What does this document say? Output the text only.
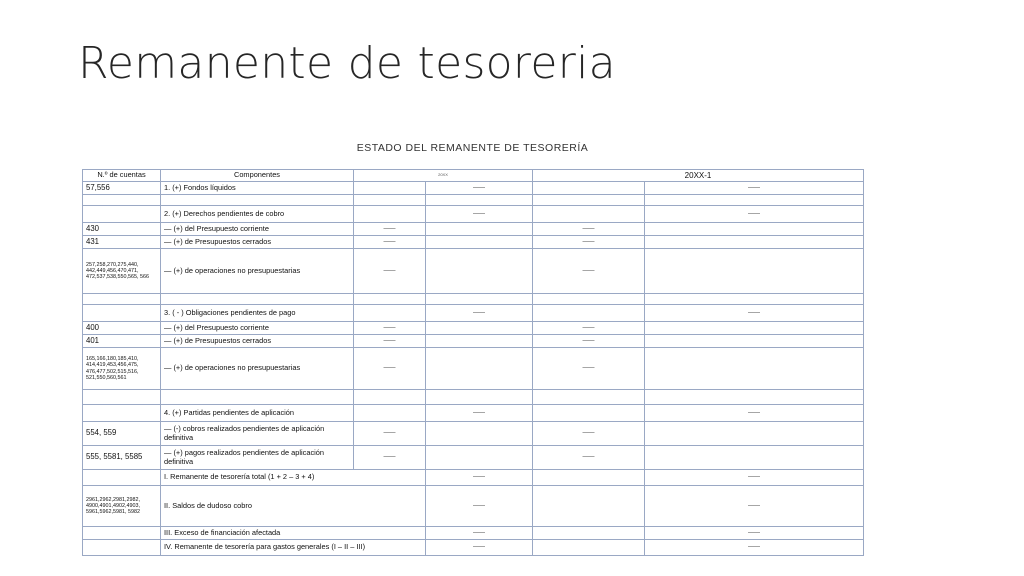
Remanente de tesoreria
ESTADO DEL REMANENTE DE TESORERÍA
N.º de cuentas	Componentes	20XX		20XX-1	
57,556	1. (+) Fondos líquidos		——		——

	2. (+) Derechos pendientes de cobro		——		——
430	— (+) del Presupuesto corriente	——		——	
431	— (+) de Presupuestos cerrados	——		——	
257,258,270,275,440, 442,449,456,470,471, 472,537,538,550,565, 566	— (+) de operaciones no presupuestarias	——		——	

	3. ( - ) Obligaciones pendientes de pago		——		——
400	— (+) del Presupuesto corriente	——		——	
401	— (+) de Presupuestos cerrados	——		——	
165,166,180,185,410, 414,419,453,456,475, 476,477,502,515,516, 521,550,560,561	— (+) de operaciones no presupuestarias	——		——	

	4. (+) Partidas pendientes de aplicación		——		——
554, 559	— (-) cobros realizados pendientes de aplicación definitiva	——		——	
555, 5581, 5585	— (+) pagos realizados pendientes de aplicación definitiva	——		——	
	I. Remanente de tesorería total (1 + 2 – 3 + 4)		——		——
2961,2962,2981,2982, 4900,4901,4902,4903, 5961,5962,5981, 5982	II. Saldos de dudoso cobro		——		——
	III. Exceso de financiación afectada		——		——
	IV. Remanente de tesorería para gastos generales (I – II – III)		——		——
